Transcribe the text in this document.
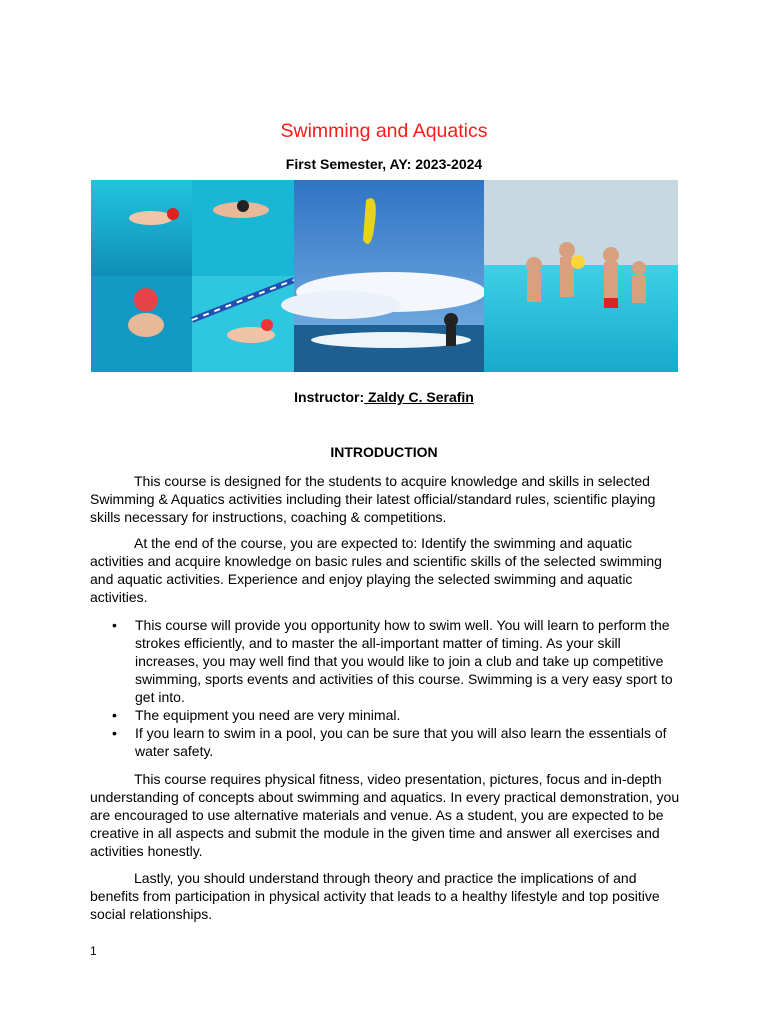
Swimming and Aquatics
First Semester, AY: 2023-2024
Instructor: Zaldy C. Serafin
INTRODUCTION

This course is designed for the students to acquire knowledge and skills in selected Swimming & Aquatics activities including their latest official/standard rules, scientific playing skills necessary for instructions, coaching & competitions.

At the end of the course, you are expected to: Identify the swimming and aquatic activities and acquire knowledge on basic rules and scientific skills of the selected swimming and aquatic activities. Experience and enjoy playing the selected swimming and aquatic activities.

• This course will provide you opportunity how to swim well. You will learn to perform the strokes efficiently, and to master the all-important matter of timing. As your skill increases, you may well find that you would like to join a club and take up competitive swimming, sports events and activities of this course. Swimming is a very easy sport to get into.
• The equipment you need are very minimal.
• If you learn to swim in a pool, you can be sure that you will also learn the essentials of water safety.

This course requires physical fitness, video presentation, pictures, focus and in-depth understanding of concepts about swimming and aquatics. In every practical demonstration, you are encouraged to use alternative materials and venue. As a student, you are expected to be creative in all aspects and submit the module in the given time and answer all exercises and activities honestly.

Lastly, you should understand through theory and practice the implications of and benefits from participation in physical activity that leads to a healthy lifestyle and top positive social relationships.

1
